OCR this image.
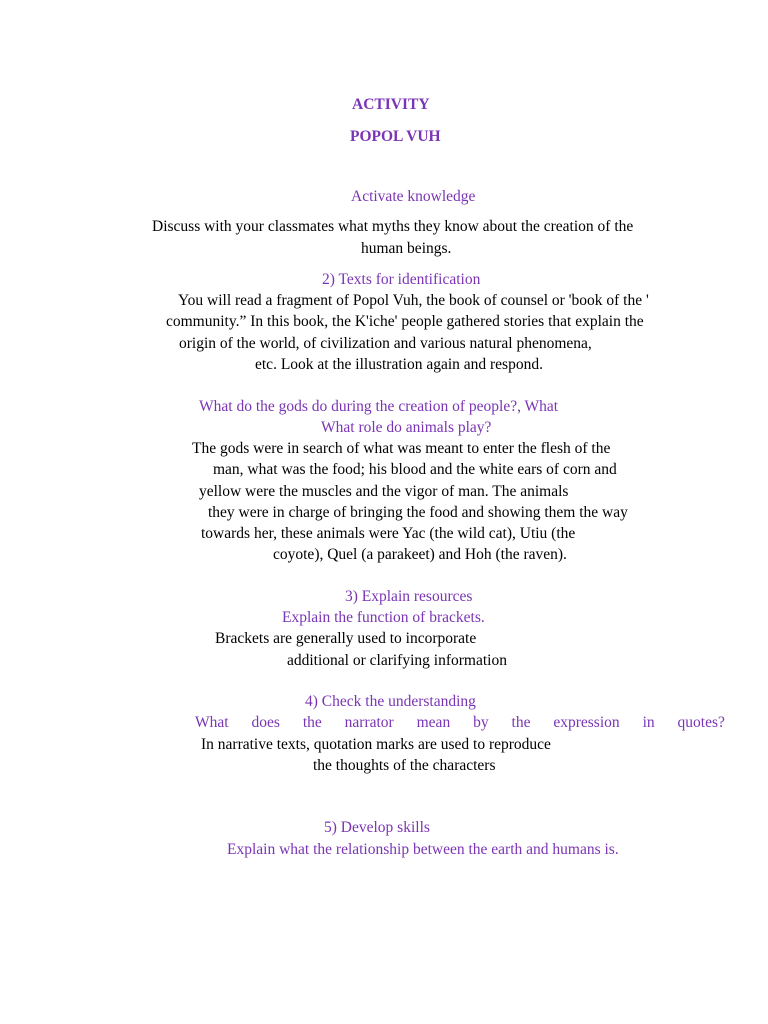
ACTIVITY
POPOL VUH
Activate knowledge
Discuss with your classmates what myths they know about the creation of the
human beings.
2) Texts for identification
You will read a fragment of Popol Vuh, the book of counsel or 'book of the '
community.” In this book, the K'iche' people gathered stories that explain the
origin of the world, of civilization and various natural phenomena,
etc. Look at the illustration again and respond.
What do the gods do during the creation of people?, What
What role do animals play?
The gods were in search of what was meant to enter the flesh of the
man, what was the food; his blood and the white ears of corn and
yellow were the muscles and the vigor of man. The animals
they were in charge of bringing the food and showing them the way
towards her, these animals were Yac (the wild cat), Utiu (the
coyote), Quel (a parakeet) and Hoh (the raven).
3) Explain resources
Explain the function of brackets.
Brackets are generally used to incorporate
additional or clarifying information
4) Check the understanding
What does the narrator mean by the expression in quotes?
In narrative texts, quotation marks are used to reproduce
the thoughts of the characters
5) Develop skills
Explain what the relationship between the earth and humans is.
